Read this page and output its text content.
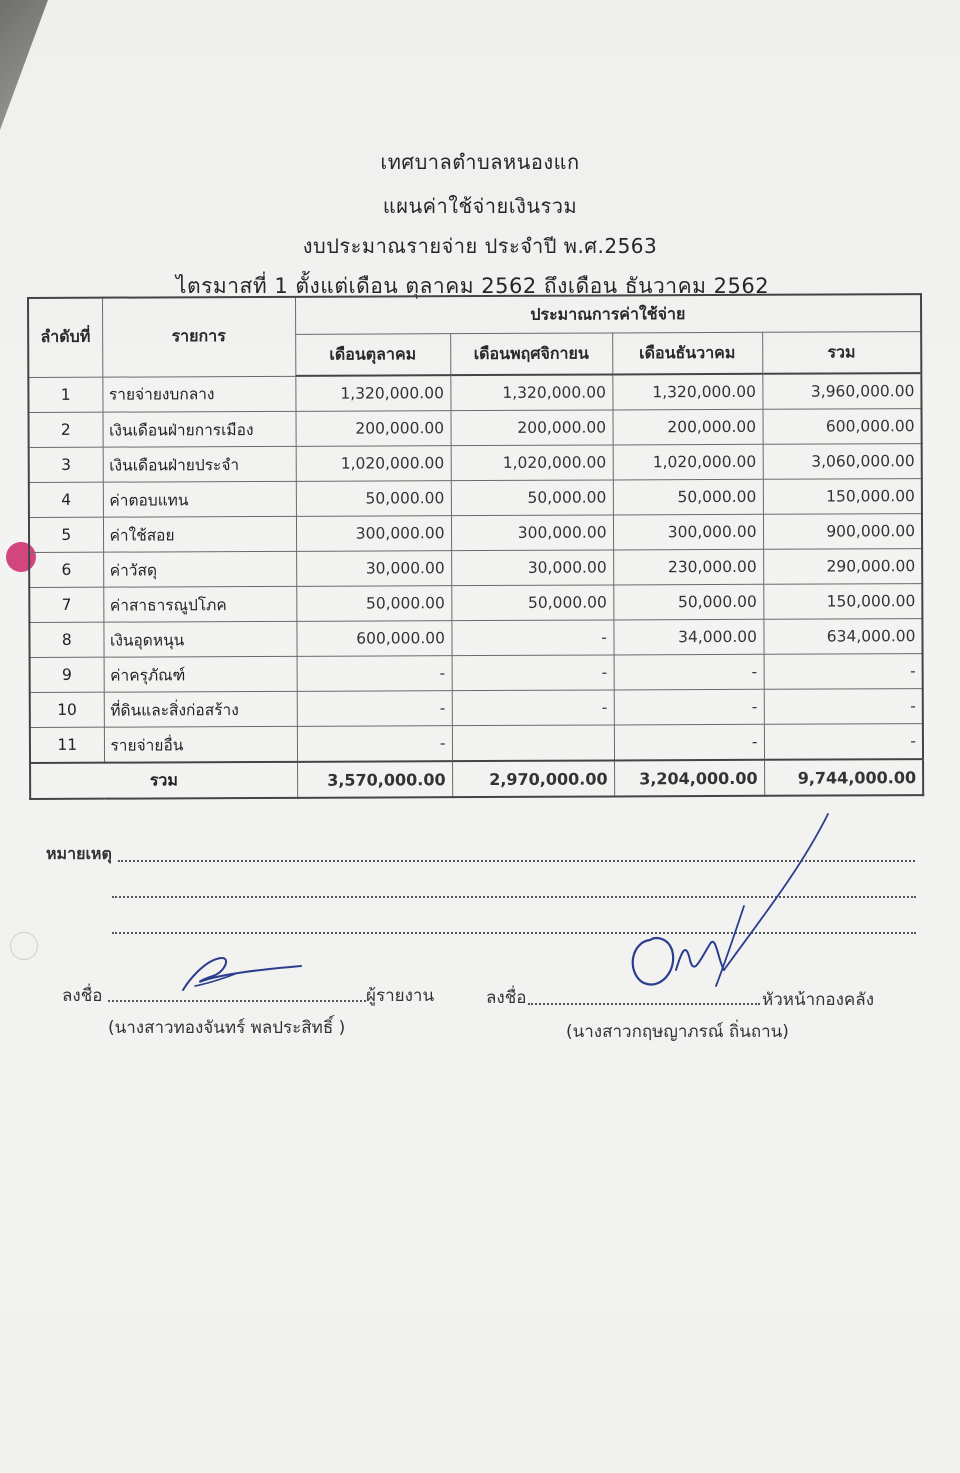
เทศบาลตำบลหนองแก
แผนค่าใช้จ่ายเงินรวม
งบประมาณรายจ่าย ประจำปี พ.ศ.2563
ไตรมาสที่ 1 ตั้งแต่เดือน ตุลาคม 2562 ถึงเดือน ธันวาคม 2562
ลำดับที่	รายการ	ประมาณการค่าใช้จ่าย			
		เดือนตุลาคม	เดือนพฤศจิกายน	เดือนธันวาคม	รวม
1	รายจ่ายงบกลาง	1,320,000.00	1,320,000.00	1,320,000.00	3,960,000.00
2	เงินเดือนฝ่ายการเมือง	200,000.00	200,000.00	200,000.00	600,000.00
3	เงินเดือนฝ่ายประจำ	1,020,000.00	1,020,000.00	1,020,000.00	3,060,000.00
4	ค่าตอบแทน	50,000.00	50,000.00	50,000.00	150,000.00
5	ค่าใช้สอย	300,000.00	300,000.00	300,000.00	900,000.00
6	ค่าวัสดุ	30,000.00	30,000.00	230,000.00	290,000.00
7	ค่าสาธารณูปโภค	50,000.00	50,000.00	50,000.00	150,000.00
8	เงินอุดหนุน	600,000.00	-	34,000.00	634,000.00
9	ค่าครุภัณฑ์	-	-	-	-
10	ที่ดินและสิ่งก่อสร้าง	-	-	-	-
11	รายจ่ายอื่น	-		-	-
รวม		3,570,000.00	2,970,000.00	3,204,000.00	9,744,000.00
หมายเหตุ
ลงชื่อ	ผู้รายงาน
(นางสาวทองจันทร์ พลประสิทธิ์ )
ลงชื่อ	หัวหน้ากองคลัง
(นางสาวกฤษญาภรณ์ ถิ่นถาน)
